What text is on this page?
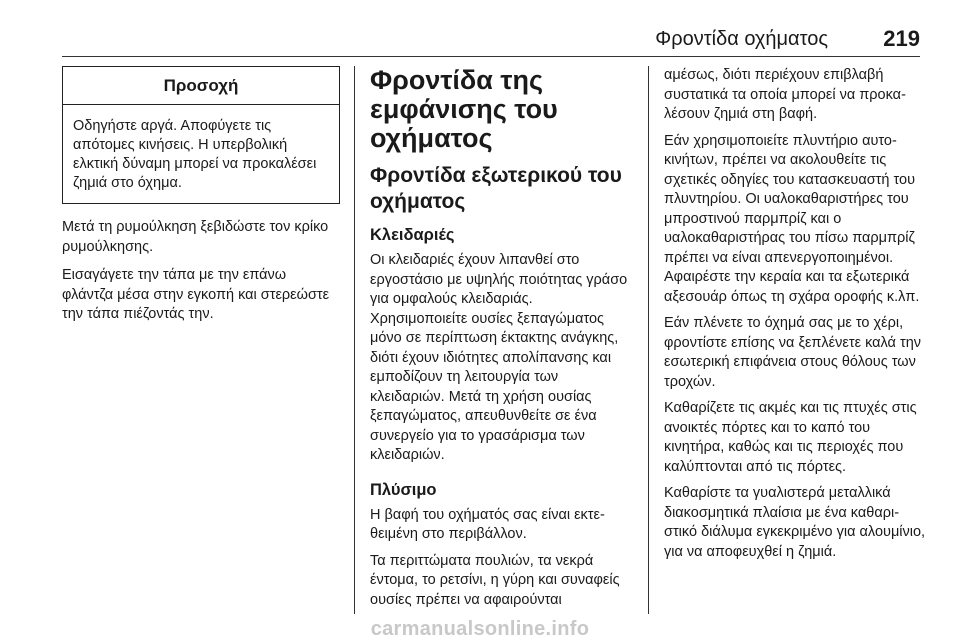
Φροντίδα οχήματος	219
Προσοχή
Οδηγήστε αργά. Αποφύγετε τις απότομες κινήσεις. Η υπερβολική ελκτική δύναμη μπορεί να προκαλέσει ζημιά στο όχημα.

Μετά τη ρυμούλκηση ξεβιδώστε τον κρίκο ρυμούλκησης.

Εισαγάγετε την τάπα με την επάνω φλάντζα μέσα στην εγκοπή και στερεώστε την τάπα πιέζοντάς την.

Φροντίδα της εμφάνισης του οχήματος
Φροντίδα εξωτερικού του οχήματος
Κλειδαριές

Οι κλειδαριές έχουν λιπανθεί στο εργοστάσιο με υψηλής ποιότητας γράσο για ομφαλούς κλειδαριάς. Χρησιμοποιείτε ουσίες ξεπαγώματος μόνο σε περίπτωση έκτακτης ανάγκης, διότι έχουν ιδιότητες απολίπανσης και εμποδίζουν τη λειτουργία των κλειδαριών. Μετά τη χρήση ουσίας ξεπαγώματος, απευθυνθείτε σε ένα συνεργείο για το γρασάρισμα των κλειδαριών.

Πλύσιμο

Η βαφή του οχήματός σας είναι εκτεθειμένη στο περιβάλλον.

Τα περιττώματα πουλιών, τα νεκρά έντομα, το ρετσίνι, η γύρη και συναφείς ουσίες πρέπει να αφαιρούνται

αμέσως, διότι περιέχουν επιβλαβή συστατικά τα οποία μπορεί να προκαλέσουν ζημιά στη βαφή.

Εάν χρησιμοποιείτε πλυντήριο αυτοκινήτων, πρέπει να ακολουθείτε τις σχετικές οδηγίες του κατασκευαστή του πλυντηρίου. Οι υαλοκαθαριστήρες του μπροστινού παρμπρίζ και ο υαλοκαθαριστήρας του πίσω παρμπρίζ πρέπει να είναι απενεργοποιημένοι. Αφαιρέστε την κεραία και τα εξωτερικά αξεσουάρ όπως τη σχάρα οροφής κ.λπ.

Εάν πλένετε το όχημά σας με το χέρι, φροντίστε επίσης να ξεπλένετε καλά την εσωτερική επιφάνεια στους θόλους των τροχών.

Καθαρίζετε τις ακμές και τις πτυχές στις ανοικτές πόρτες και το καπό του κινητήρα, καθώς και τις περιοχές που καλύπτονται από τις πόρτες.

Καθαρίστε τα γυαλιστερά μεταλλικά διακοσμητικά πλαίσια με ένα καθαριστικό διάλυμα εγκεκριμένο για αλουμίνιο, για να αποφευχθεί η ζημιά.

carmanualsonline.info
